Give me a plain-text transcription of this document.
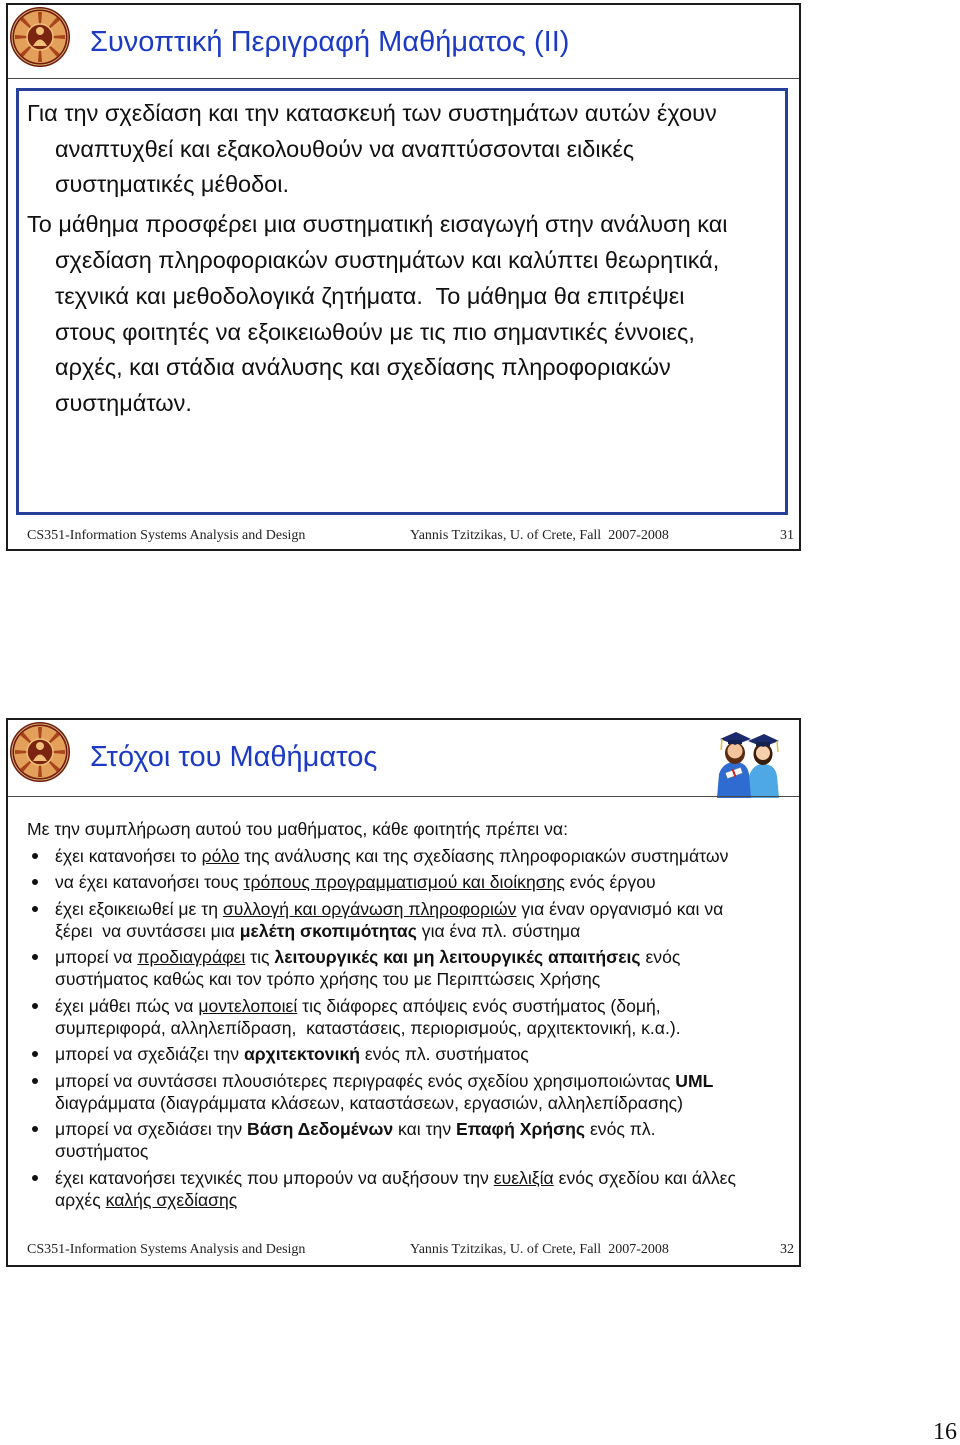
Συνοπτική Περιγραφή Μαθήματος (II)
Για την σχεδίαση και την κατασκευή των συστημάτων αυτών έχουν
αναπτυχθεί και εξακολουθούν να αναπτύσσονται ειδικές
συστηματικές μέθοδοι.
Το μάθημα προσφέρει μια συστηματική εισαγωγή στην ανάλυση και
σχεδίαση πληροφοριακών συστημάτων και καλύπτει θεωρητικά,
τεχνικά και μεθοδολογικά ζητήματα.  Το μάθημα θα επιτρέψει
στους φοιτητές να εξοικειωθούν με τις πιο σημαντικές έννοιες,
αρχές, και στάδια ανάλυσης και σχεδίασης πληροφοριακών
συστημάτων.
CS351-Information Systems Analysis and Design	Yannis Tzitzikas, U. of Crete, Fall  2007-2008	31
Στόχοι του Μαθήματος
Με την συμπλήρωση αυτού του μαθήματος, κάθε φοιτητής πρέπει να:
έχει κατανοήσει το ρόλο της ανάλυσης και της σχεδίασης πληροφοριακών συστημάτων
να έχει κατανοήσει τους τρόπους προγραμματισμού και διοίκησης ενός έργου
έχει εξοικειωθεί με τη συλλογή και οργάνωση πληροφοριών για έναν οργανισμό και να
ξέρει  να συντάσσει μια μελέτη σκοπιμότητας για ένα πλ. σύστημα
μπορεί να προδιαγράφει τις λειτουργικές και μη λειτουργικές απαιτήσεις ενός
συστήματος καθώς και τον τρόπο χρήσης του με Περιπτώσεις Χρήσης
έχει μάθει πώς να μοντελοποιεί τις διάφορες απόψεις ενός συστήματος (δομή,
συμπεριφορά, αλληλεπίδραση,  καταστάσεις, περιορισμούς, αρχιτεκτονική, κ.α.).
μπορεί να σχεδιάζει την αρχιτεκτονική ενός πλ. συστήματος
μπορεί να συντάσσει πλουσιότερες περιγραφές ενός σχεδίου χρησιμοποιώντας UML
διαγράμματα (διαγράμματα κλάσεων, καταστάσεων, εργασιών, αλληλεπίδρασης)
μπορεί να σχεδιάσει την Βάση Δεδομένων και την Επαφή Χρήσης ενός πλ.
συστήματος
έχει κατανοήσει τεχνικές που μπορούν να αυξήσουν την ευελιξία ενός σχεδίου και άλλες
αρχές καλής σχεδίασης
CS351-Information Systems Analysis and Design	Yannis Tzitzikas, U. of Crete, Fall  2007-2008	32
16
